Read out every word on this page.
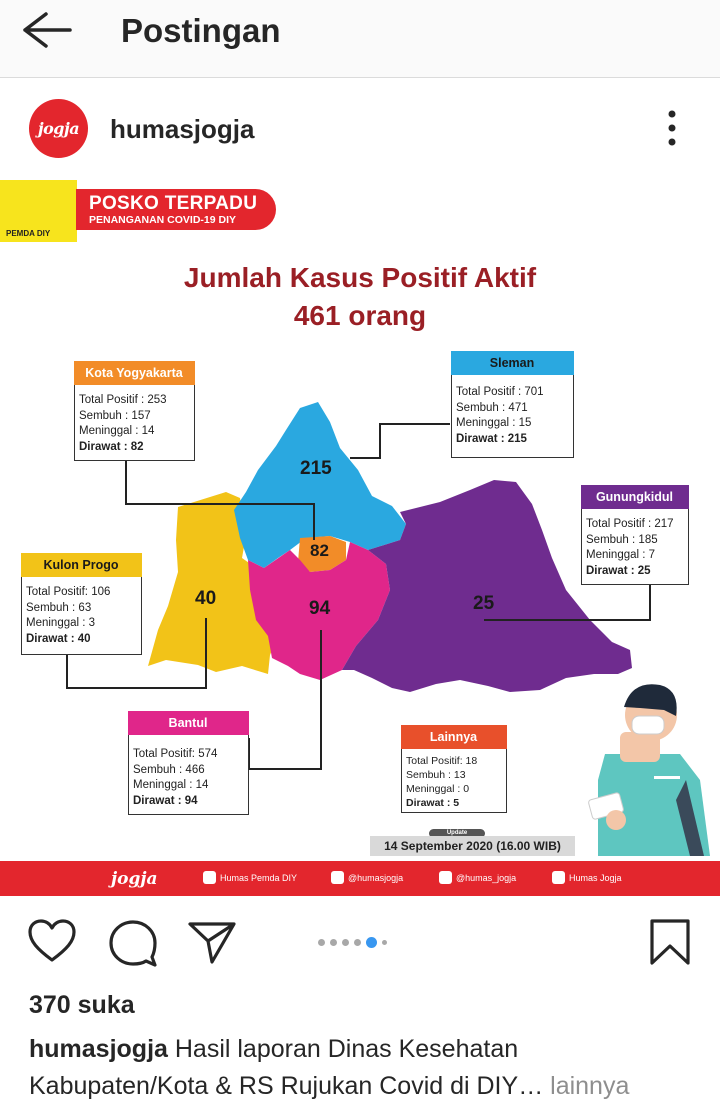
Postingan
jogja humasjogja
PEMDA DIY
POSKO TERPADU
PENANGANAN COVID-19 DIY
Jumlah Kasus Positif Aktif
461 orang
215
82
40	94	25
Kota Yogyakarta
Total Positif : 253
Sembuh : 157
Meninggal : 14
Dirawat : 82
Sleman
Total Positif : 701
Sembuh : 471
Meninggal : 15
Dirawat : 215
Gunungkidul
Total Positif : 217
Sembuh : 185
Meninggal : 7
Dirawat : 25
Kulon Progo
Total Positif: 106
Sembuh : 63
Meninggal : 3
Dirawat : 40
Bantul
Total Positif: 574
Sembuh : 466
Meninggal : 14
Dirawat : 94
Lainnya
Total Positif: 18
Sembuh : 13
Meninggal : 0
Dirawat : 5
Update
14 September 2020 (16.00 WIB)
jogja	Humas Pemda DIY	@humasjogja	@humas_jogja	Humas Jogja
370 suka
humasjogja Hasil laporan Dinas Kesehatan Kabupaten/Kota & RS Rujukan Covid di DIY… lainnya
